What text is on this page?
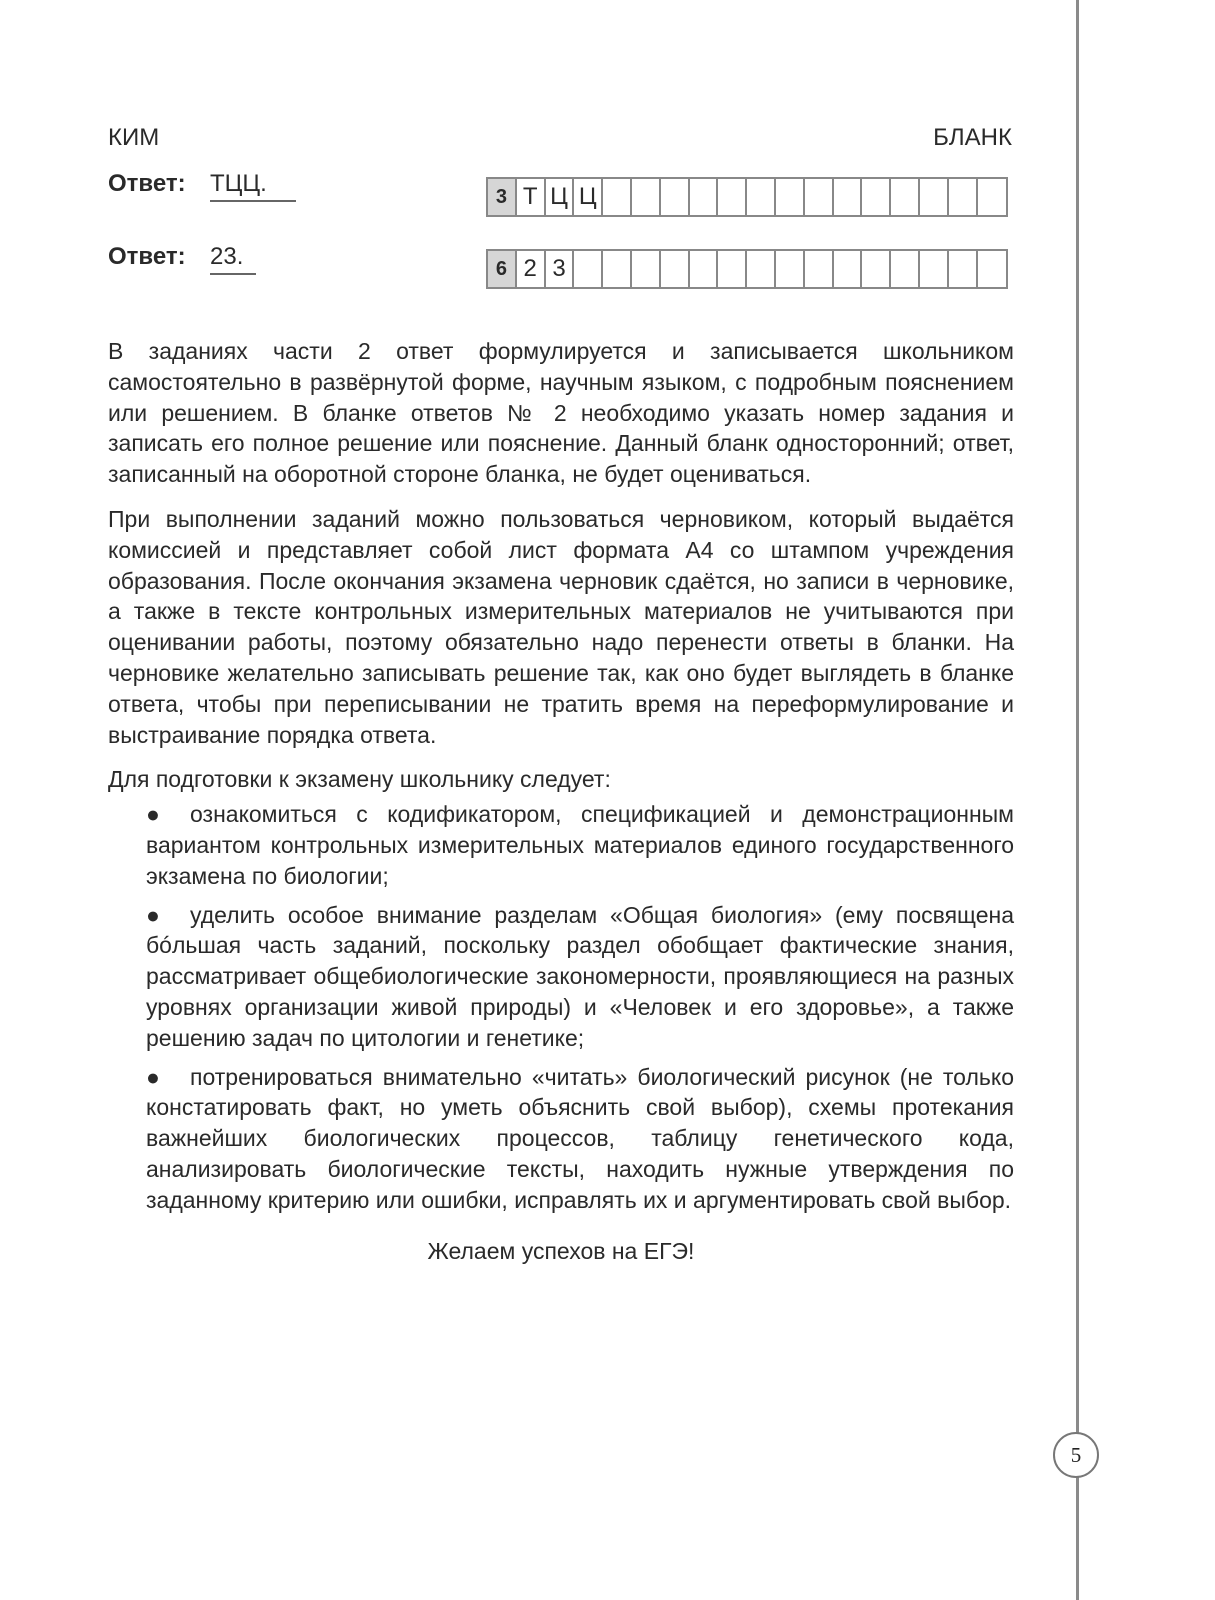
КИМ	БЛАНК
Ответ: ТЦЦ.	3 Т Ц Ц
Ответ: 23.	6 2 3

В заданиях части 2 ответ формулируется и записывается школьником самостоятельно в развёрнутой форме, научным языком, с подробным пояснением или решением. В бланке ответов № 2 необходимо указать номер задания и записать его полное решение или пояснение. Данный бланк односторонний; ответ, записанный на оборотной стороне бланка, не будет оцениваться.

При выполнении заданий можно пользоваться черновиком, который выдаётся комиссией и представляет собой лист формата А4 со штампом учреждения образования. После окончания экзамена черновик сдаётся, но записи в черновике, а также в тексте контрольных измерительных материалов не учитываются при оценивании работы, поэтому обязательно надо перенести ответы в бланки. На черновике желательно записывать решение так, как оно будет выглядеть в бланке ответа, чтобы при переписывании не тратить время на переформулирование и выстраивание порядка ответа.

Для подготовки к экзамену школьнику следует:

●	ознакомиться с кодификатором, спецификацией и демонстрационным вариантом контрольных измерительных материалов единого государственного экзамена по биологии;
●	уделить особое внимание разделам «Общая биология» (ему посвящена бóльшая часть заданий, поскольку раздел обобщает фактические знания, рассматривает общебиологические закономерности, проявляющиеся на разных уровнях организации живой природы) и «Человек и его здоровье», а также решению задач по цитологии и генетике;
●	потренироваться внимательно «читать» биологический рисунок (не только констатировать факт, но уметь объяснить свой выбор), схемы протекания важнейших биологических процессов, таблицу генетического кода, анализировать биологические тексты, находить нужные утверждения по заданному критерию или ошибки, исправлять их и аргументировать свой выбор.
Желаем успехов на ЕГЭ!
5
